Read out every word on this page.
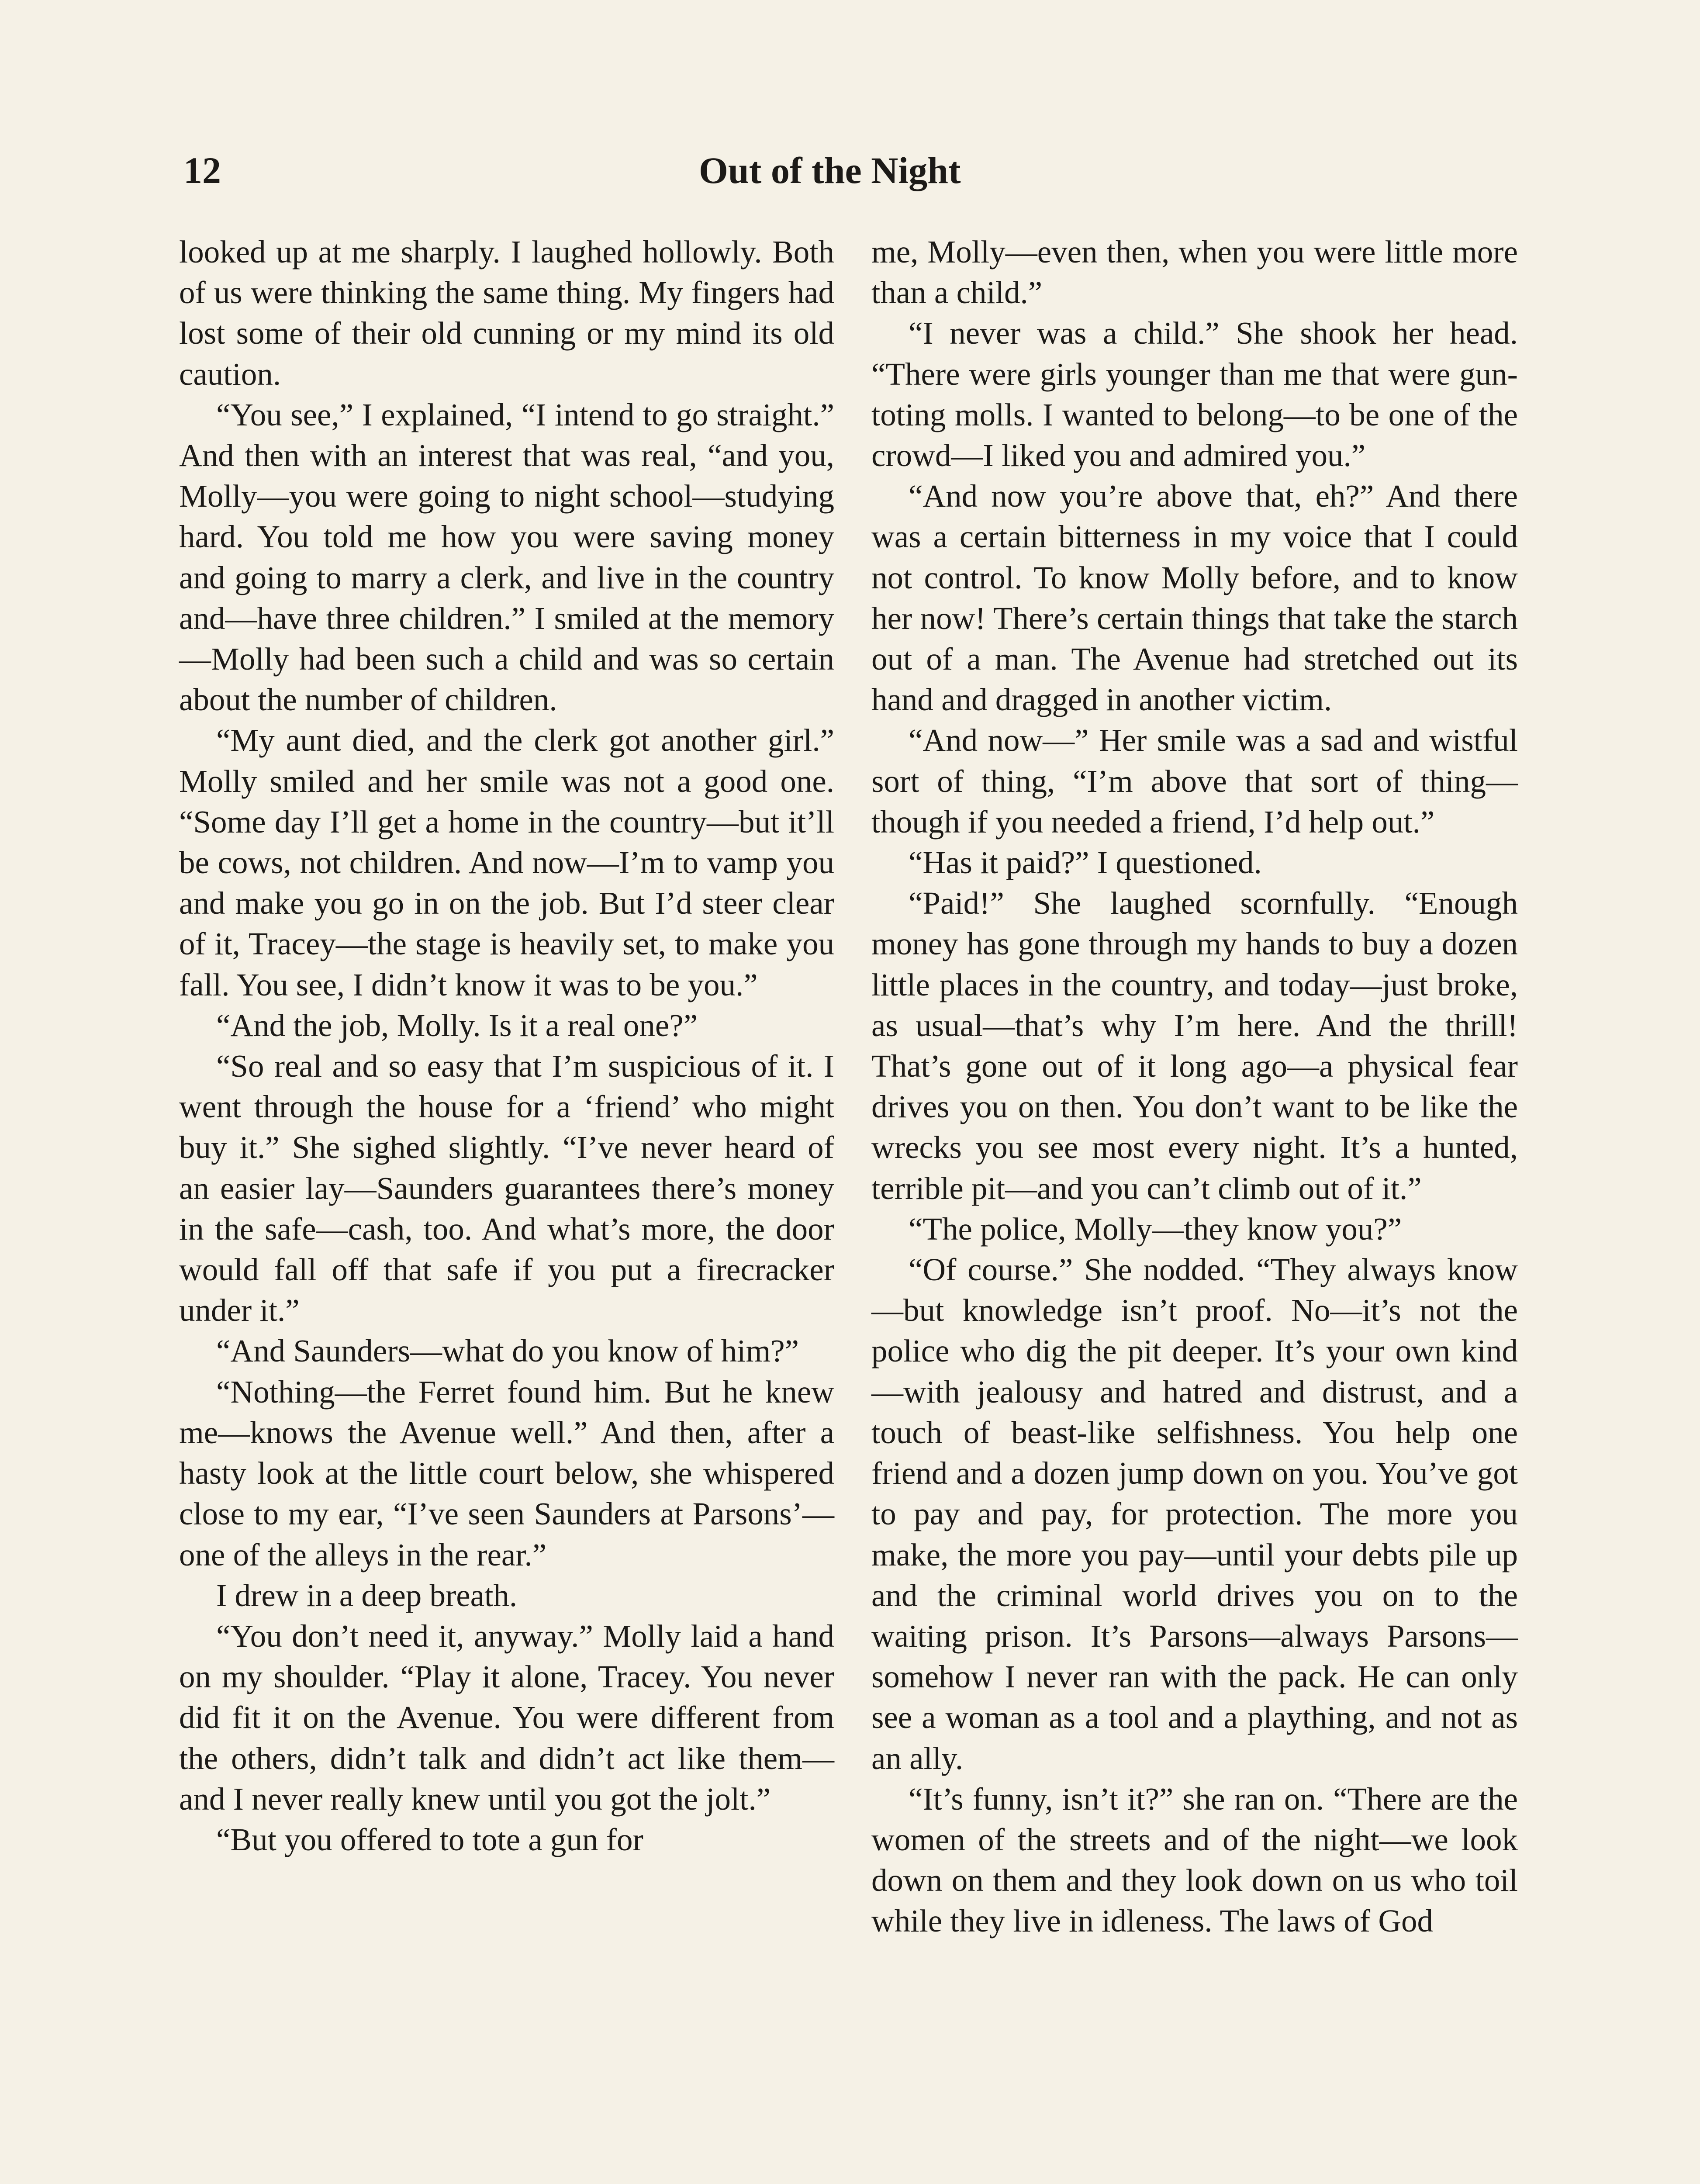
12	Out of the Night

looked up at me sharply. I laughed hollowly. Both of us were thinking the same thing. My fingers had lost some of their old cunning or my mind its old caution.

“You see,” I explained, “I intend to go straight.” And then with an interest that was real, “and you, Molly—you were going to night school—studying hard. You told me how you were saving money and going to marry a clerk, and live in the country and—have three children.” I smiled at the memory—Molly had been such a child and was so certain about the number of children.

“My aunt died, and the clerk got another girl.” Molly smiled and her smile was not a good one. “Some day I’ll get a home in the country—but it’ll be cows, not children. And now—I’m to vamp you and make you go in on the job. But I’d steer clear of it, Tracey—the stage is heavily set, to make you fall. You see, I didn’t know it was to be you.”

“And the job, Molly. Is it a real one?”

“So real and so easy that I’m suspicious of it. I went through the house for a ‘friend’ who might buy it.” She sighed slightly. “I’ve never heard of an easier lay—Saunders guarantees there’s money in the safe—cash, too. And what’s more, the door would fall off that safe if you put a firecracker under it.”

“And Saunders—what do you know of him?”

“Nothing—the Ferret found him. But he knew me—knows the Avenue well.” And then, after a hasty look at the little court below, she whispered close to my ear, “I’ve seen Saunders at Parsons’—one of the alleys in the rear.”

I drew in a deep breath.

“You don’t need it, anyway.” Molly laid a hand on my shoulder. “Play it alone, Tracey. You never did fit it on the Avenue. You were different from the others, didn’t talk and didn’t act like them—and I never really knew until you got the jolt.”

“But you offered to tote a gun for

me, Molly—even then, when you were little more than a child.”

“I never was a child.” She shook her head. “There were girls younger than me that were gun-toting molls. I wanted to belong—to be one of the crowd—I liked you and admired you.”

“And now you’re above that, eh?” And there was a certain bitterness in my voice that I could not control. To know Molly before, and to know her now! There’s certain things that take the starch out of a man. The Avenue had stretched out its hand and dragged in another victim.

“And now—” Her smile was a sad and wistful sort of thing, “I’m above that sort of thing—though if you needed a friend, I’d help out.”

“Has it paid?” I questioned.

“Paid!” She laughed scornfully. “Enough money has gone through my hands to buy a dozen little places in the country, and today—just broke, as usual—that’s why I’m here. And the thrill! That’s gone out of it long ago—a physical fear drives you on then. You don’t want to be like the wrecks you see most every night. It’s a hunted, terrible pit—and you can’t climb out of it.”

“The police, Molly—they know you?”

“Of course.” She nodded. “They always know—but knowledge isn’t proof. No—it’s not the police who dig the pit deeper. It’s your own kind—with jealousy and hatred and distrust, and a touch of beast-like selfishness. You help one friend and a dozen jump down on you. You’ve got to pay and pay, for protection. The more you make, the more you pay—until your debts pile up and the criminal world drives you on to the waiting prison. It’s Parsons—always Parsons—somehow I never ran with the pack. He can only see a woman as a tool and a plaything, and not as an ally.

“It’s funny, isn’t it?” she ran on. “There are the women of the streets and of the night—we look down on them and they look down on us who toil while they live in idleness. The laws of God
